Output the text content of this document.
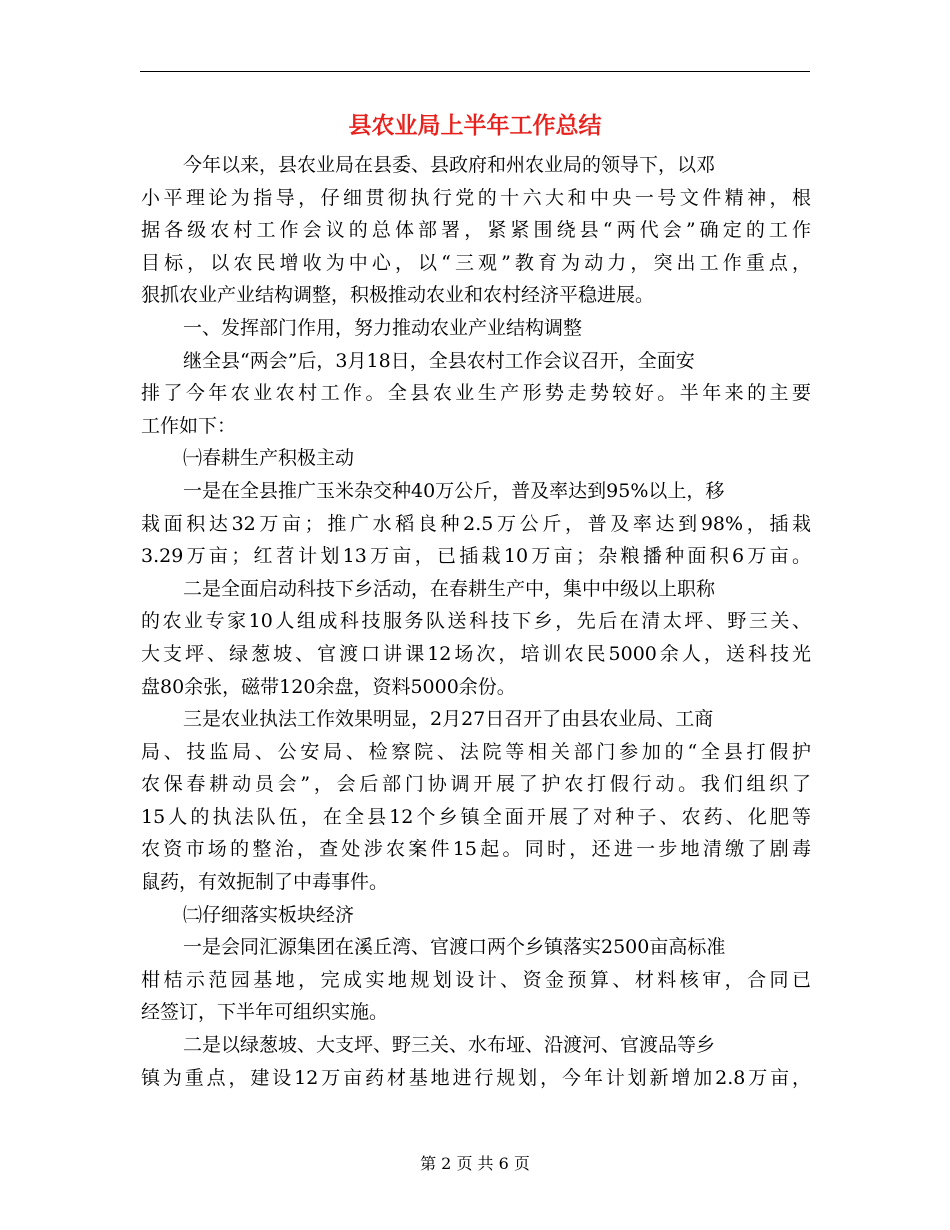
县农业局上半年工作总结
今年以来，县农业局在县委、县政府和州农业局的领导下，以邓
小平理论为指导，仔细贯彻执行党的十六大和中央一号文件精神，根
据各级农村工作会议的总体部署，紧紧围绕县“两代会”确定的工作
目标，以农民增收为中心，以“三观”教育为动力，突出工作重点，
狠抓农业产业结构调整，积极推动农业和农村经济平稳进展。
一、发挥部门作用，努力推动农业产业结构调整
继全县“两会”后，3月18日，全县农村工作会议召开，全面安
排了今年农业农村工作。全县农业生产形势走势较好。半年来的主要
工作如下：
㈠春耕生产积极主动
一是在全县推广玉米杂交种40万公斤，普及率达到95%以上，移
栽面积达32万亩；推广水稻良种2.5万公斤，普及率达到98%，插栽
3.29万亩；红苕计划13万亩，已插栽10万亩；杂粮播种面积6万亩。
二是全面启动科技下乡活动，在春耕生产中，集中中级以上职称
的农业专家10人组成科技服务队送科技下乡，先后在清太坪、野三关、
大支坪、绿葱坡、官渡口讲课12场次，培训农民5000余人，送科技光
盘80余张，磁带120余盘，资料5000余份。
三是农业执法工作效果明显，2月27日召开了由县农业局、工商
局、技监局、公安局、检察院、法院等相关部门参加的“全县打假护
农保春耕动员会”，会后部门协调开展了护农打假行动。我们组织了
15人的执法队伍，在全县12个乡镇全面开展了对种子、农药、化肥等
农资市场的整治，查处涉农案件15起。同时，还进一步地清缴了剧毒
鼠药，有效扼制了中毒事件。
㈡仔细落实板块经济
一是会同汇源集团在溪丘湾、官渡口两个乡镇落实2500亩高标准
柑桔示范园基地，完成实地规划设计、资金预算、材料核审，合同已
经签订，下半年可组织实施。
二是以绿葱坡、大支坪、野三关、水布垭、沿渡河、官渡品等乡
镇为重点，建设12万亩药材基地进行规划，今年计划新增加2.8万亩，
第 2 页 共 6 页
